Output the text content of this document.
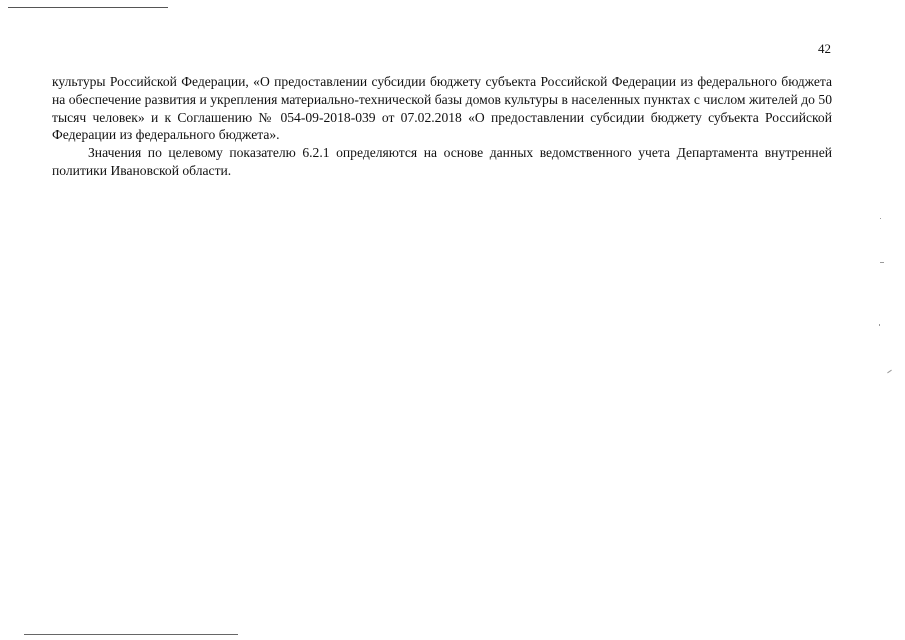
42

культуры Российской Федерации, «О предоставлении субсидии бюджету субъекта Российской Федерации из федерального бюджета на обеспечение развития и укрепления материально-технической базы домов культуры в населенных пунктах с числом жителей до 50 тысяч человек» и к Соглашению № 054-09-2018-039 от 07.02.2018 «О предоставлении субсидии бюджету субъекта Российской Федерации из федерального бюджета».

Значения по целевому показателю 6.2.1 определяются на основе данных ведомственного учета Департамента внутренней политики Ивановской области.
